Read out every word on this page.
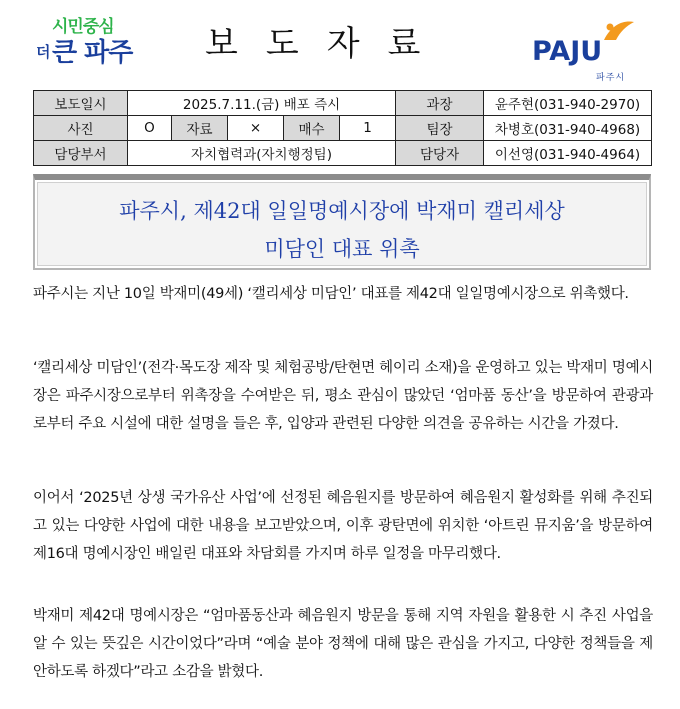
시민중심
더 큰 파주 보도자료	PAJU
파주시
보도일시	2025.7.11.(금) 배포 즉시					과장	윤주현(031-940-2970)
사진	O	자료	×	매수	1	팀장	차병호(031-940-4968)
담당부서	자치협력과(자치행정팀)					담당자	이선영(031-940-4964)
파주시, 제42대 일일명예시장에 박재미 캘리세상
미담인 대표 위촉

파주시는 지난 10일 박재미(49세) ‘캘리세상 미담인’ 대표를 제42대 일일명예시장으로 위촉했다.

‘캘리세상 미담인’(전각·목도장 제작 및 체험공방/탄현면 헤이리 소재)을 운영하고 있는 박재미 명예시장은 파주시장으로부터 위촉장을 수여받은 뒤, 평소 관심이 많았던 ‘엄마품 동산’을 방문하여 관광과로부터 주요 시설에 대한 설명을 들은 후, 입양과 관련된 다양한 의견을 공유하는 시간을 가졌다.

이어서 ‘2025년 상생 국가유산 사업’에 선정된 혜음원지를 방문하여 혜음원지 활성화를 위해 추진되고 있는 다양한 사업에 대한 내용을 보고받았으며, 이후 광탄면에 위치한 ‘아트린 뮤지움’을 방문하여 제16대 명예시장인 배일린 대표와 차담회를 가지며 하루 일정을 마무리했다.

박재미 제42대 명예시장은 “엄마품동산과 혜음원지 방문을 통해 지역 자원을 활용한 시 추진 사업을 알 수 있는 뜻깊은 시간이었다”라며 “예술 분야 정책에 대해 많은 관심을 가지고, 다양한 정책들을 제안하도록 하겠다”라고 소감을 밝혔다.
